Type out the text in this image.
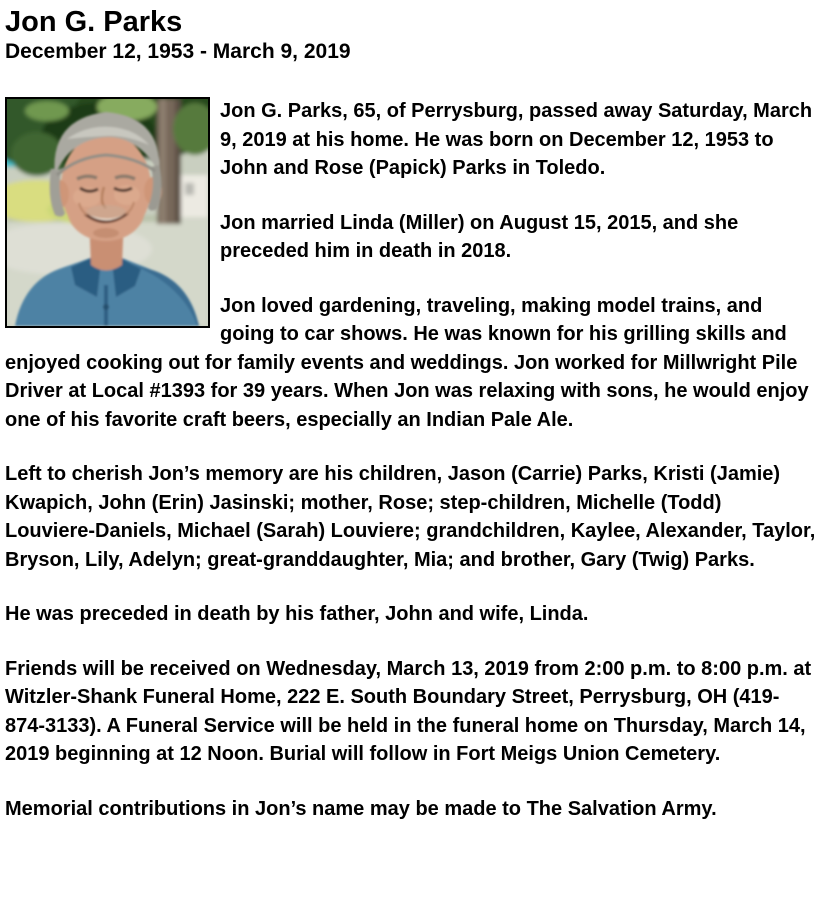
Jon G. Parks
December 12, 1953 - March 9, 2019

Jon G. Parks, 65, of Perrysburg, passed away Saturday, March 9, 2019 at his home. He was born on December 12, 1953 to John and Rose (Papick) Parks in Toledo.

Jon married Linda (Miller) on August 15, 2015, and she preceded him in death in 2018.

Jon loved gardening, traveling, making model trains, and going to car shows. He was known for his grilling skills and enjoyed cooking out for family events and weddings. Jon worked for Millwright Pile Driver at Local #1393 for 39 years. When Jon was relaxing with sons, he would enjoy one of his favorite craft beers, especially an Indian Pale Ale.

Left to cherish Jon’s memory are his children, Jason (Carrie) Parks, Kristi (Jamie) Kwapich, John (Erin) Jasinski; mother, Rose; step-children, Michelle (Todd) Louviere-Daniels, Michael (Sarah) Louviere; grandchildren, Kaylee, Alexander, Taylor, Bryson, Lily, Adelyn; great-granddaughter, Mia; and brother, Gary (Twig) Parks.

He was preceded in death by his father, John and wife, Linda.

Friends will be received on Wednesday, March 13, 2019 from 2:00 p.m. to 8:00 p.m. at Witzler-Shank Funeral Home, 222 E. South Boundary Street, Perrysburg, OH (419-874-3133). A Funeral Service will be held in the funeral home on Thursday, March 14, 2019 beginning at 12 Noon. Burial will follow in Fort Meigs Union Cemetery.

Memorial contributions in Jon’s name may be made to The Salvation Army.
